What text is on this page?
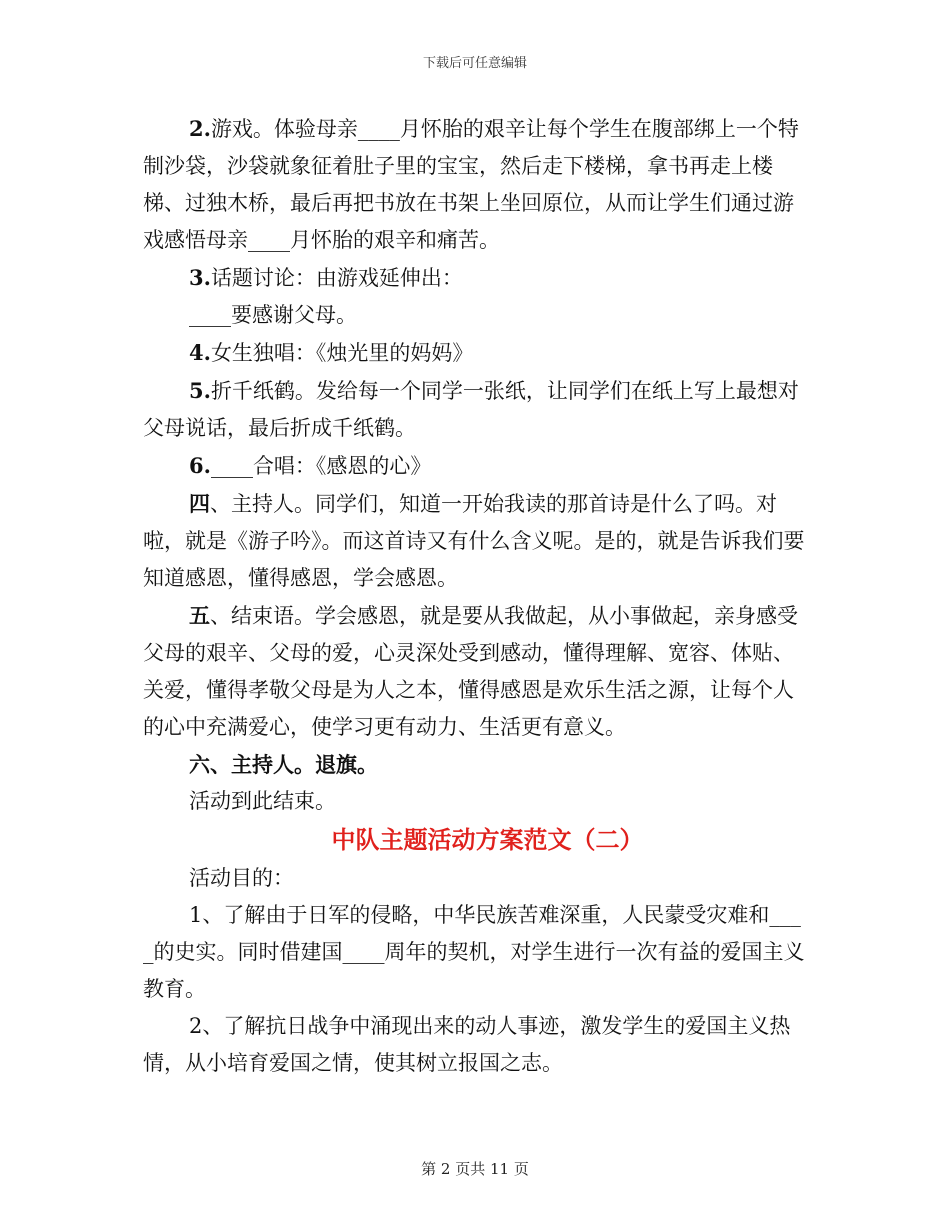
下载后可任意编辑

2.游戏。体验母亲____月怀胎的艰辛让每个学生在腹部绑上一个特制沙袋，沙袋就象征着肚子里的宝宝，然后走下楼梯，拿书再走上楼梯、过独木桥，最后再把书放在书架上坐回原位，从而让学生们通过游戏感悟母亲____月怀胎的艰辛和痛苦。

3.话题讨论：由游戏延伸出：

____要感谢父母。

4.女生独唱：《烛光里的妈妈》

5.折千纸鹤。发给每一个同学一张纸，让同学们在纸上写上最想对父母说话，最后折成千纸鹤。

6.____合唱：《感恩的心》

四、主持人。同学们，知道一开始我读的那首诗是什么了吗。对啦，就是《游子吟》。而这首诗又有什么含义呢。是的，就是告诉我们要知道感恩，懂得感恩，学会感恩。

五、结束语。学会感恩，就是要从我做起，从小事做起，亲身感受父母的艰辛、父母的爱，心灵深处受到感动，懂得理解、宽容、体贴、关爱，懂得孝敬父母是为人之本，懂得感恩是欢乐生活之源，让每个人的心中充满爱心，使学习更有动力、生活更有意义。

六、主持人。退旗。

活动到此结束。

中队主题活动方案范文（二）

活动目的：

1、了解由于日军的侵略，中华民族苦难深重，人民蒙受灾难和____的史实。同时借建国____周年的契机，对学生进行一次有益的爱国主义教育。

2、了解抗日战争中涌现出来的动人事迹，激发学生的爱国主义热情，从小培育爱国之情，使其树立报国之志。

第 2 页共 11 页
